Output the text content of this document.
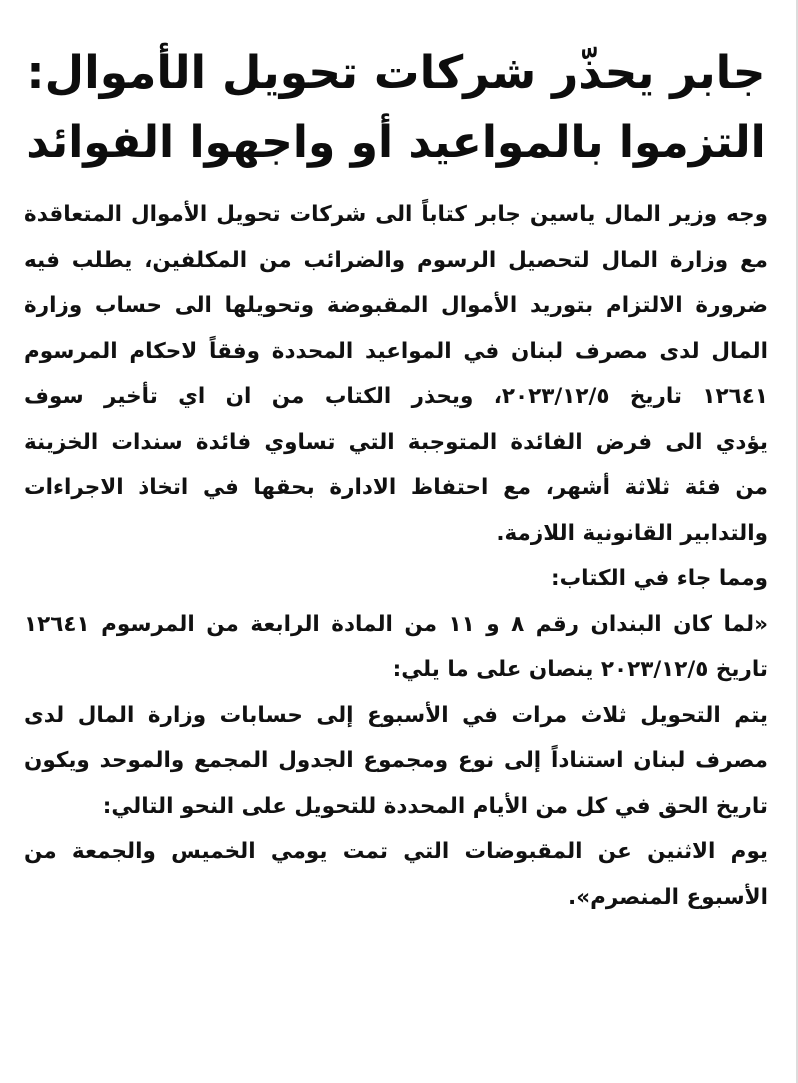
جابر يحذّر شركات تحويل الأموال:
التزموا بالمواعيد أو واجهوا الفوائد

وجه وزير المال ياسين جابر كتاباً الى شركات تحويل الأموال المتعاقدة
مع وزارة المال لتحصيل الرسوم والضرائب من المكلفين، يطلب فيه
ضرورة الالتزام بتوريد الأموال المقبوضة وتحويلها الى حساب وزارة
المال لدى مصرف لبنان في المواعيد المحددة وفقاً لاحكام المرسوم
١٢٦٤١ تاريخ ٢٠٢٣/١٢/٥، ويحذر الكتاب من ان اي تأخير سوف
يؤدي الى فرض الفائدة المتوجبة التي تساوي فائدة سندات الخزينة
من فئة ثلاثة أشهر، مع احتفاظ الادارة بحقها في اتخاذ الاجراءات
والتدابير القانونية اللازمة.

ومما جاء في الكتاب:

«لما كان البندان رقم ٨ و ١١ من المادة الرابعة من المرسوم ١٢٦٤١
تاريخ ٢٠٢٣/١٢/٥ ينصان على ما يلي:

يتم التحويل ثلاث مرات في الأسبوع إلى حسابات وزارة المال لدى
مصرف لبنان استناداً إلى نوع ومجموع الجدول المجمع والموحد ويكون
تاريخ الحق في كل من الأيام المحددة للتحويل على النحو التالي:

يوم الاثنين عن المقبوضات التي تمت يومي الخميس والجمعة من
الأسبوع المنصرم».
